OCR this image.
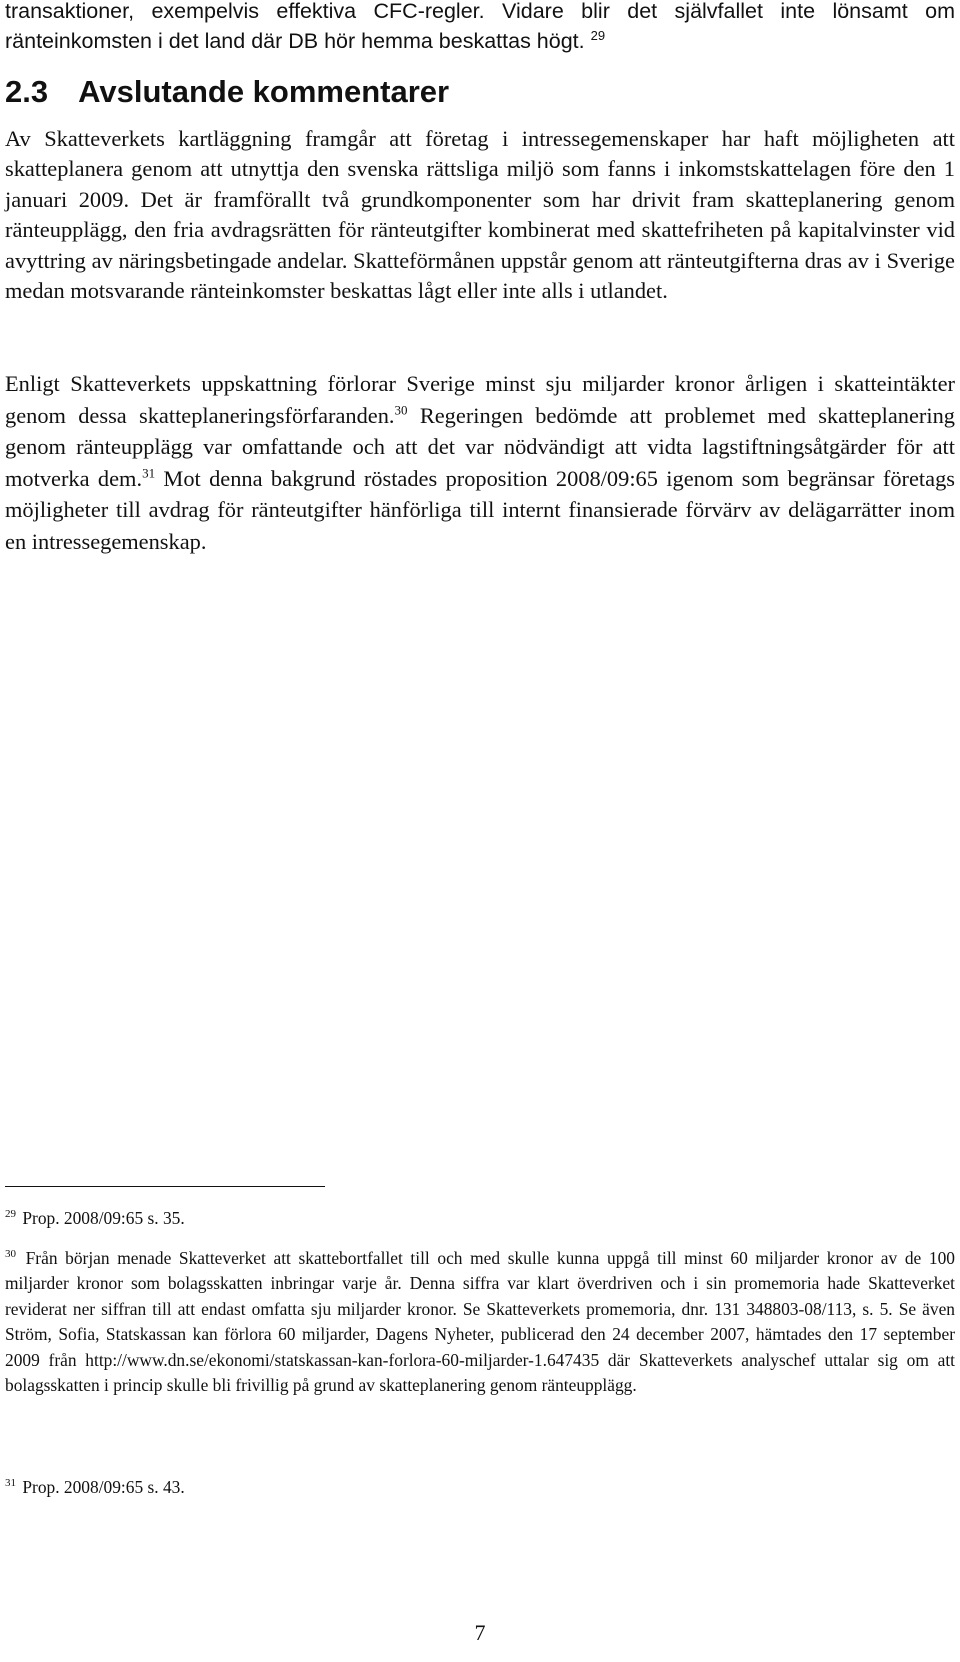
transaktioner, exempelvis effektiva CFC-regler. Vidare blir det självfallet inte lönsamt om ränteinkomsten i det land där DB hör hemma beskattas högt. $^{29}$

2.3 Avslutande kommentarer

Av Skatteverkets kartläggning framgår att företag i intressegemenskaper har haft möjligheten att skatteplanera genom att utnyttja den svenska rättsliga miljö som fanns i inkomstskattelagen före den 1 januari 2009. Det är framförallt två grundkomponenter som har drivit fram skatteplanering genom ränteupplägg, den fria avdragsrätten för ränteutgifter kombinerat med skattefriheten på kapitalvinster vid avyttring av näringsbetingade andelar. Skatteförmånen uppstår genom att ränteutgifterna dras av i Sverige medan motsvarande ränteinkomster beskattas lågt eller inte alls i utlandet.

Enligt Skatteverkets uppskattning förlorar Sverige minst sju miljarder kronor årligen i skatteintäkter genom dessa skatteplaneringsförfaranden.$^{30}$ Regeringen bedömde att problemet med skatteplanering genom ränteupplägg var omfattande och att det var nödvändigt att vidta lagstiftningsåtgärder för att motverka dem.$^{31}$ Mot denna bakgrund röstades proposition 2008/09:65 igenom som begränsar företags möjligheter till avdrag för ränteutgifter hänförliga till internt finansierade förvärv av delägarrätter inom en intressegemenskap.

$^{29}$ Prop. 2008/09:65 s. 35.

$^{30}$ Från början menade Skatteverket att skattebortfallet till och med skulle kunna uppgå till minst 60 miljarder kronor av de 100 miljarder kronor som bolagsskatten inbringar varje år. Denna siffra var klart överdriven och i sin promemoria hade Skatteverket reviderat ner siffran till att endast omfatta sju miljarder kronor. Se Skatteverkets promemoria, dnr. 131 348803-08/113, s. 5. Se även Ström, Sofia, Statskassan kan förlora 60 miljarder, Dagens Nyheter, publicerad den 24 december 2007, hämtades den 17 september 2009 från http://www.dn.se/ekonomi/statskassan-kan-forlora-60-miljarder-1.647435 där Skatteverkets analyschef uttalar sig om att bolagsskatten i princip skulle bli frivillig på grund av skatteplanering genom ränteupplägg.

$^{31}$ Prop. 2008/09:65 s. 43.

7
